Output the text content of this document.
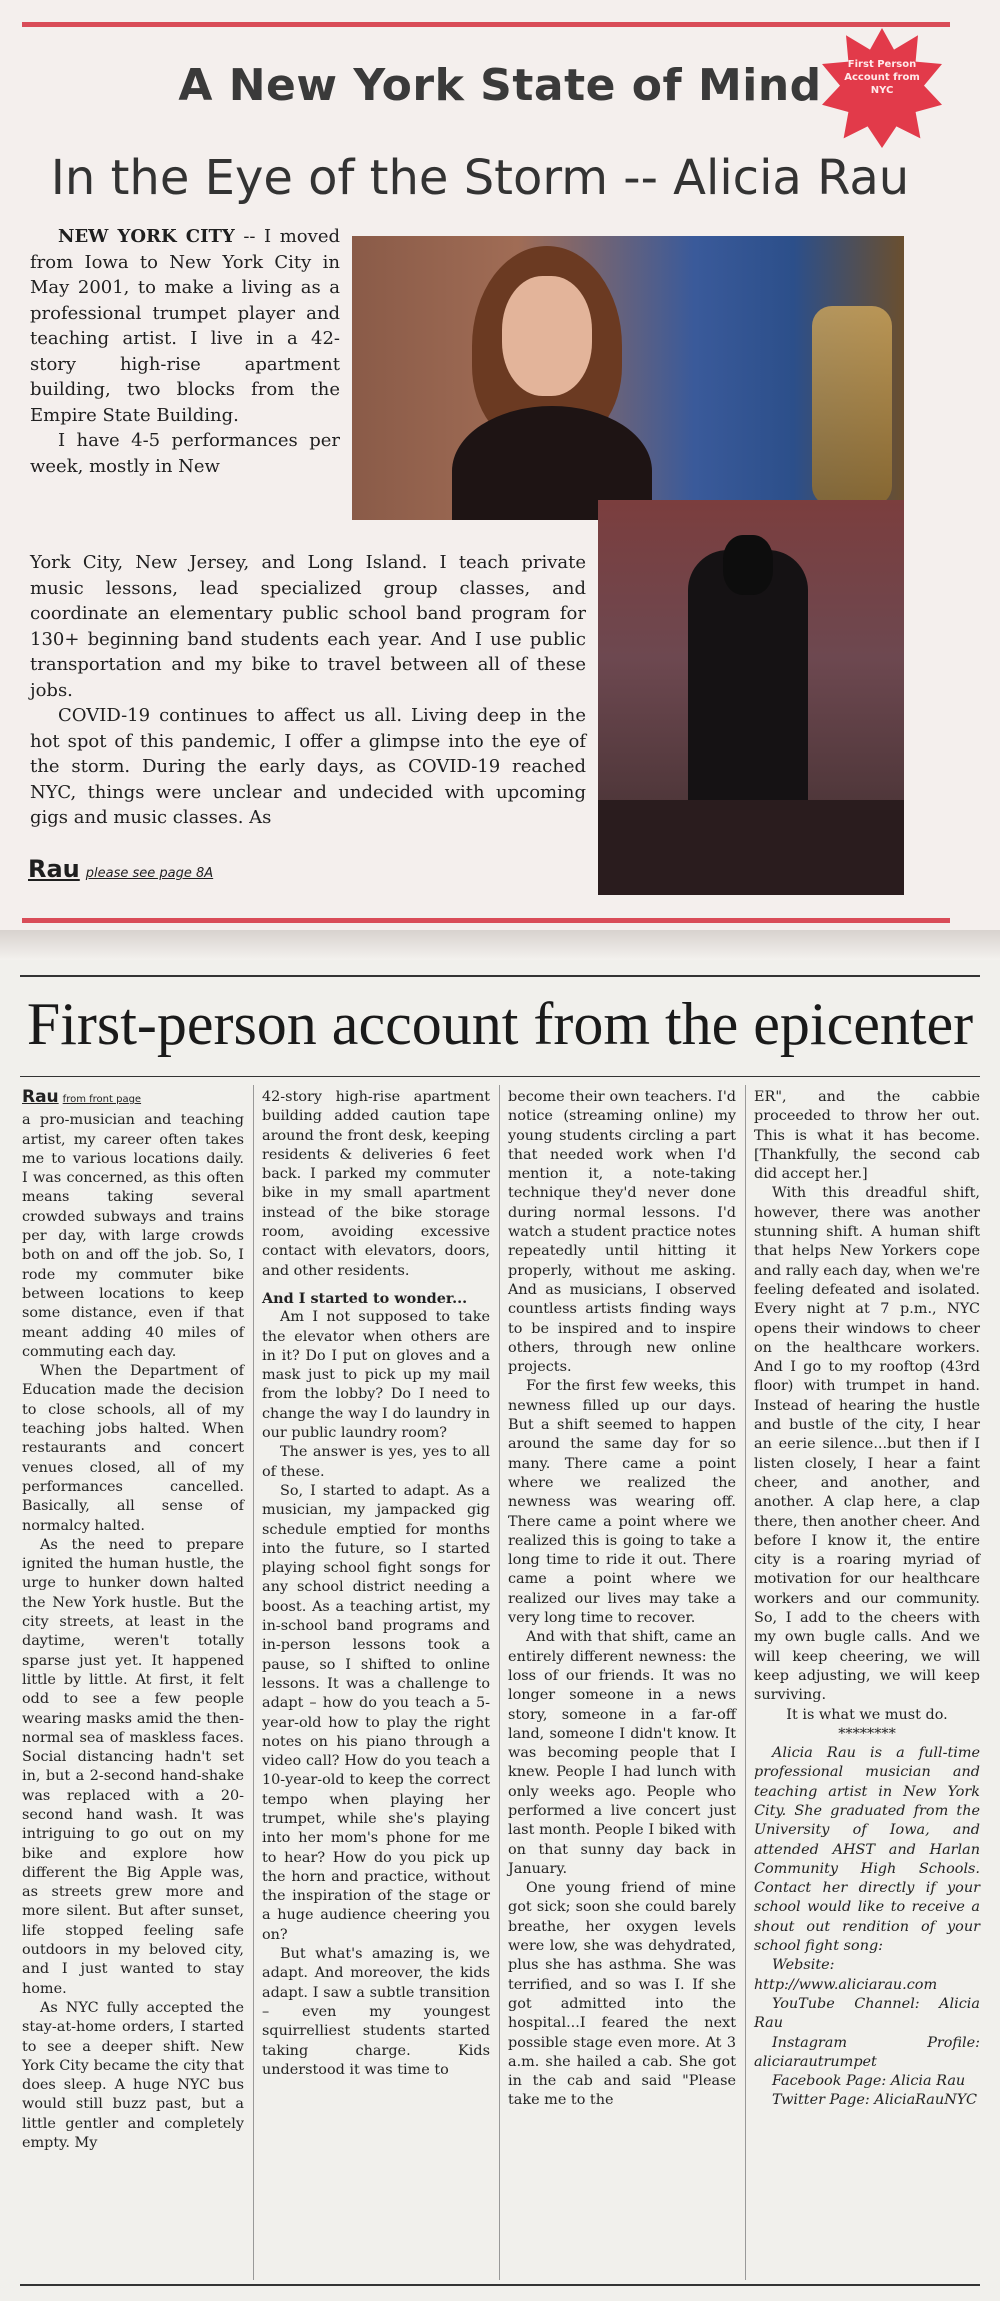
A New York State of Mind
In the Eye of the Storm -- Alicia Rau
First Person Account from NYC

NEW YORK CITY -- I moved from Iowa to New York City in May 2001, to make a living as a professional trumpet player and teaching artist. I live in a 42-story high-rise apartment building, two blocks from the Empire State Building.

I have 4-5 performances per week, mostly in New

York City, New Jersey, and Long Island. I teach private music lessons, lead specialized group classes, and coordinate an elementary public school band program for 130+ beginning band students each year. And I use public transportation and my bike to travel between all of these jobs.

COVID-19 continues to affect us all. Living deep in the hot spot of this pandemic, I offer a glimpse into the eye of the storm. During the early days, as COVID-19 reached NYC, things were unclear and undecided with upcoming gigs and music classes. As

Rau please see page 8A
First-person account from the epicenter
Rau from front page

a pro-musician and teaching artist, my career often takes me to various locations daily. I was concerned, as this often means taking several crowded subways and trains per day, with large crowds both on and off the job. So, I rode my commuter bike between locations to keep some distance, even if that meant adding 40 miles of commuting each day.

When the Department of Education made the decision to close schools, all of my teaching jobs halted. When restaurants and concert venues closed, all of my performances cancelled. Basically, all sense of normalcy halted.

As the need to prepare ignited the human hustle, the urge to hunker down halted the New York hustle. But the city streets, at least in the daytime, weren't totally sparse just yet. It happened little by little. At first, it felt odd to see a few people wearing masks amid the then-normal sea of maskless faces. Social distancing hadn't set in, but a 2-second hand-shake was replaced with a 20-second hand wash. It was intriguing to go out on my bike and explore how different the Big Apple was, as streets grew more and more silent. But after sunset, life stopped feeling safe outdoors in my beloved city, and I just wanted to stay home.

As NYC fully accepted the stay-at-home orders, I started to see a deeper shift. New York City became the city that does sleep. A huge NYC bus would still buzz past, but a little gentler and completely empty. My

42-story high-rise apartment building added caution tape around the front desk, keeping residents & deliveries 6 feet back. I parked my commuter bike in my small apartment instead of the bike storage room, avoiding excessive contact with elevators, doors, and other residents.

And I started to wonder...

Am I not supposed to take the elevator when others are in it? Do I put on gloves and a mask just to pick up my mail from the lobby? Do I need to change the way I do laundry in our public laundry room?

The answer is yes, yes to all of these.

So, I started to adapt. As a musician, my jampacked gig schedule emptied for months into the future, so I started playing school fight songs for any school district needing a boost. As a teaching artist, my in-school band programs and in-person lessons took a pause, so I shifted to online lessons. It was a challenge to adapt – how do you teach a 5-year-old how to play the right notes on his piano through a video call? How do you teach a 10-year-old to keep the correct tempo when playing her trumpet, while she's playing into her mom's phone for me to hear? How do you pick up the horn and practice, without the inspiration of the stage or a huge audience cheering you on?

But what's amazing is, we adapt. And moreover, the kids adapt. I saw a subtle transition – even my youngest squirrelliest students started taking charge. Kids understood it was time to

become their own teachers. I'd notice (streaming online) my young students circling a part that needed work when I'd mention it, a note-taking technique they'd never done during normal lessons. I'd watch a student practice notes repeatedly until hitting it properly, without me asking. And as musicians, I observed countless artists finding ways to be inspired and to inspire others, through new online projects.

For the first few weeks, this newness filled up our days. But a shift seemed to happen around the same day for so many. There came a point where we realized the newness was wearing off. There came a point where we realized this is going to take a long time to ride it out. There came a point where we realized our lives may take a very long time to recover.

And with that shift, came an entirely different newness: the loss of our friends. It was no longer someone in a news story, someone in a far-off land, someone I didn't know. It was becoming people that I knew. People I had lunch with only weeks ago. People who performed a live concert just last month. People I biked with on that sunny day back in January.

One young friend of mine got sick; soon she could barely breathe, her oxygen levels were low, she was dehydrated, plus she has asthma. She was terrified, and so was I. If she got admitted into the hospital...I feared the next possible stage even more. At 3 a.m. she hailed a cab. She got in the cab and said "Please take me to the

ER", and the cabbie proceeded to throw her out. This is what it has become. [Thankfully, the second cab did accept her.]

With this dreadful shift, however, there was another stunning shift. A human shift that helps New Yorkers cope and rally each day, when we're feeling defeated and isolated. Every night at 7 p.m., NYC opens their windows to cheer on the healthcare workers. And I go to my rooftop (43rd floor) with trumpet in hand. Instead of hearing the hustle and bustle of the city, I hear an eerie silence...but then if I listen closely, I hear a faint cheer, and another, and another. A clap here, a clap there, then another cheer. And before I know it, the entire city is a roaring myriad of motivation for our healthcare workers and our community. So, I add to the cheers with my own bugle calls. And we will keep cheering, we will keep adjusting, we will keep surviving.

It is what we must do.

********

Alicia Rau is a full-time professional musician and teaching artist in New York City. She graduated from the University of Iowa, and attended AHST and Harlan Community High Schools. Contact her directly if your school would like to receive a shout out rendition of your school fight song:

Website: http://www.aliciarau.com

YouTube Channel: Alicia Rau

Instagram Profile: aliciarautrumpet

Facebook Page: Alicia Rau

Twitter Page: AliciaRauNYC
